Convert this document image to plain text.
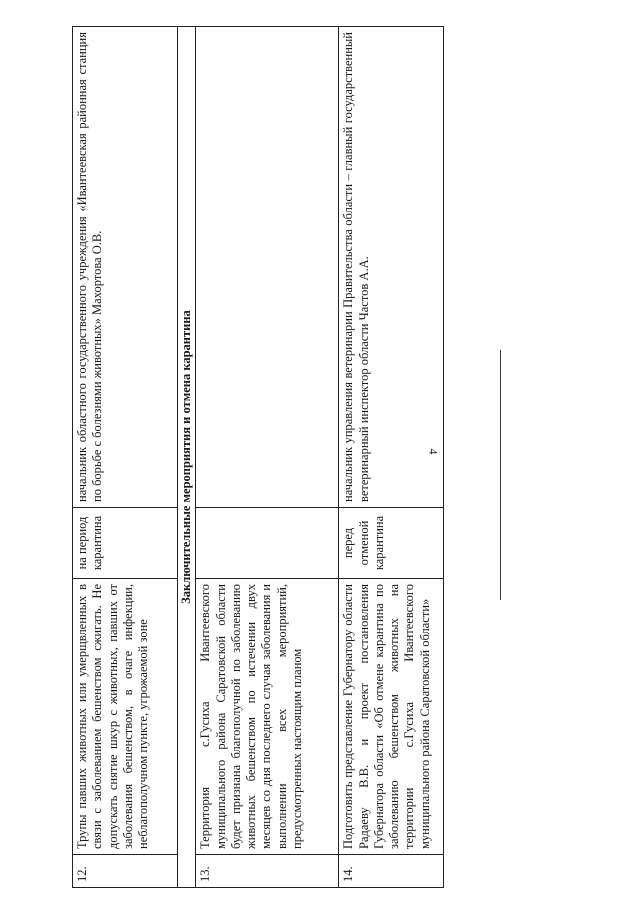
4
12.	Трупы павших животных или умерщвленных в связи с заболеванием бешенством сжигать. Не допускать снятие шкур с животных, павших от заболевания бешенством, в очаге инфекции, неблагополучном пункте, угрожаемой зоне	на период карантина	начальник областного государственного учреждения «Ивантеевская районная станция по борьбе с болезнями животных» Махортова О.В.
Заключительные мероприятия и отмена карантина			
13.	Территория с.Гусиха Ивантеевского муниципального района Саратовской области будет признана благополучной по заболеванию животных бешенством по истечении двух месяцев со дня последнего случая заболевания и выполнении всех мероприятий, предусмотренных настоящим планом		
14.	Подготовить представление Губернатору области Радаеву В.В. и проект постановления Губернатора области «Об отмене карантина по заболеванию бешенством животных на территории с.Гусиха Ивантеевского муниципального района Саратовской области»	перед отменой карантина	начальник управления ветеринарии Правительства области – главный государственный ветеринарный инспектор области Частов А.А.
